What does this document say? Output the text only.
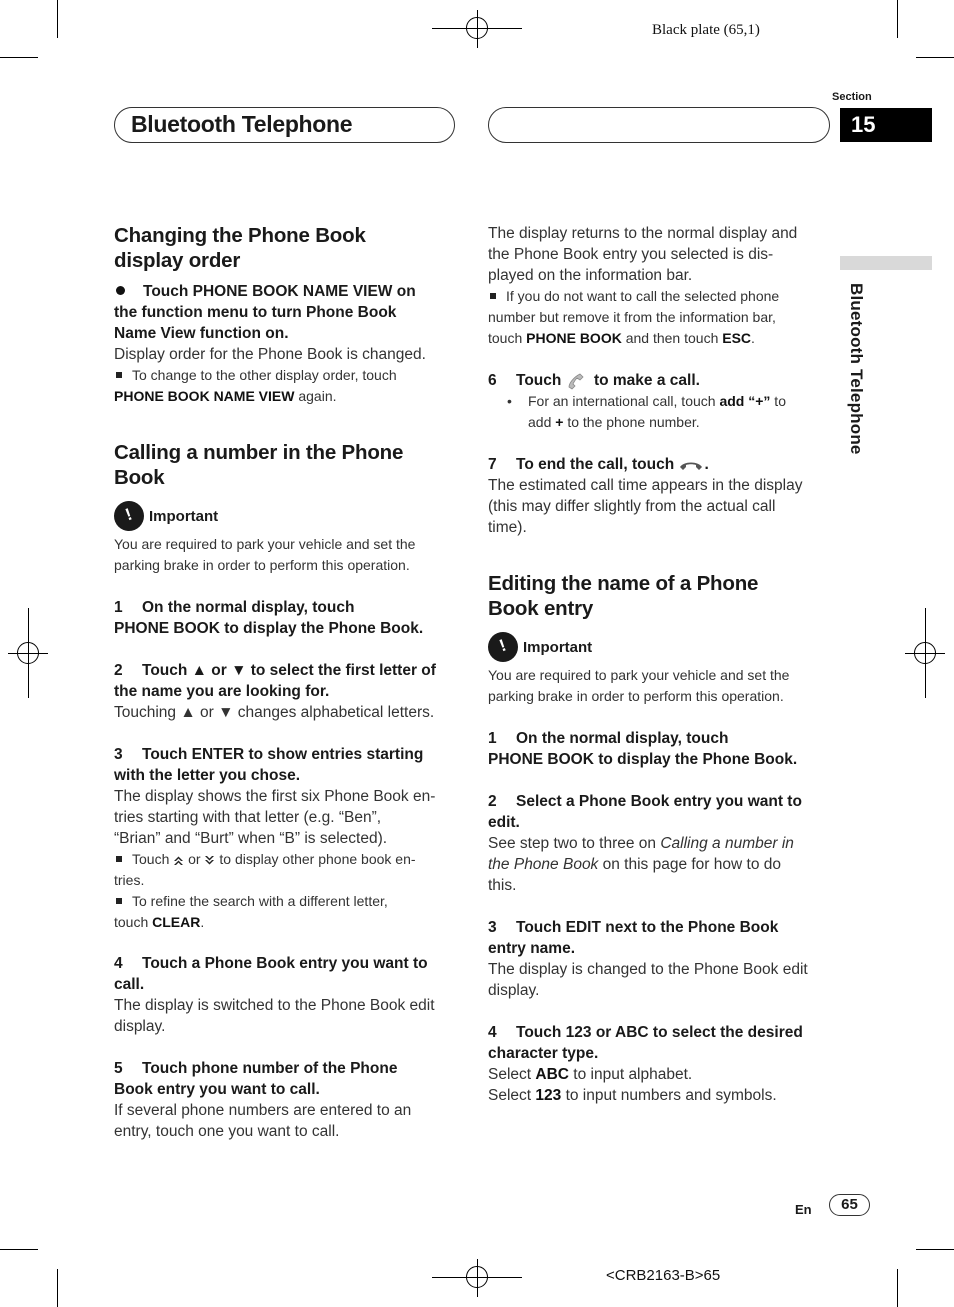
Black plate (65,1)
<CRB2163-B>65
Bluetooth Telephone
Section
15
Bluetooth Telephone
Changing the Phone Book
display order
Touch PHONE BOOK NAME VIEW on
the function menu to turn Phone Book
Name View function on.
Display order for the Phone Book is changed.
To change to the other display order, touch
PHONE BOOK NAME VIEW again.
Calling a number in the Phone
Book
!
Important
You are required to park your vehicle and set the
parking brake in order to perform this operation.
1 On the normal display, touch
PHONE BOOK to display the Phone Book.
2 Touch ▲ or ▼ to select the first letter of
the name you are looking for.
Touching ▲ or ▼ changes alphabetical letters.
3 Touch ENTER to show entries starting
with the letter you chose.
The display shows the first six Phone Book en-
tries starting with that letter (e.g. “Ben”,
“Brian” and “Burt” when “B” is selected).
Touch  or  to display other phone book en-
tries.
To refine the search with a different letter,
touch CLEAR.
4 Touch a Phone Book entry you want to
call.
The display is switched to the Phone Book edit
display.
5 Touch phone number of the Phone
Book entry you want to call.
If several phone numbers are entered to an
entry, touch one you want to call.
The display returns to the normal display and
the Phone Book entry you selected is dis-
played on the information bar.
If you do not want to call the selected phone
number but remove it from the information bar,
touch PHONE BOOK and then touch ESC.
6 Touch  to make a call.
• For an international call, touch add “+” to
add + to the phone number.
7 To end the call, touch .
The estimated call time appears in the display
(this may differ slightly from the actual call
time).
Editing the name of a Phone
Book entry
!
Important
You are required to park your vehicle and set the
parking brake in order to perform this operation.
1 On the normal display, touch
PHONE BOOK to display the Phone Book.
2 Select a Phone Book entry you want to
edit.
See step two to three on Calling a number in
the Phone Book on this page for how to do
this.
3 Touch EDIT next to the Phone Book
entry name.
The display is changed to the Phone Book edit
display.
4 Touch 123 or ABC to select the desired
character type.
Select ABC to input alphabet.
Select 123 to input numbers and symbols.
En	65
